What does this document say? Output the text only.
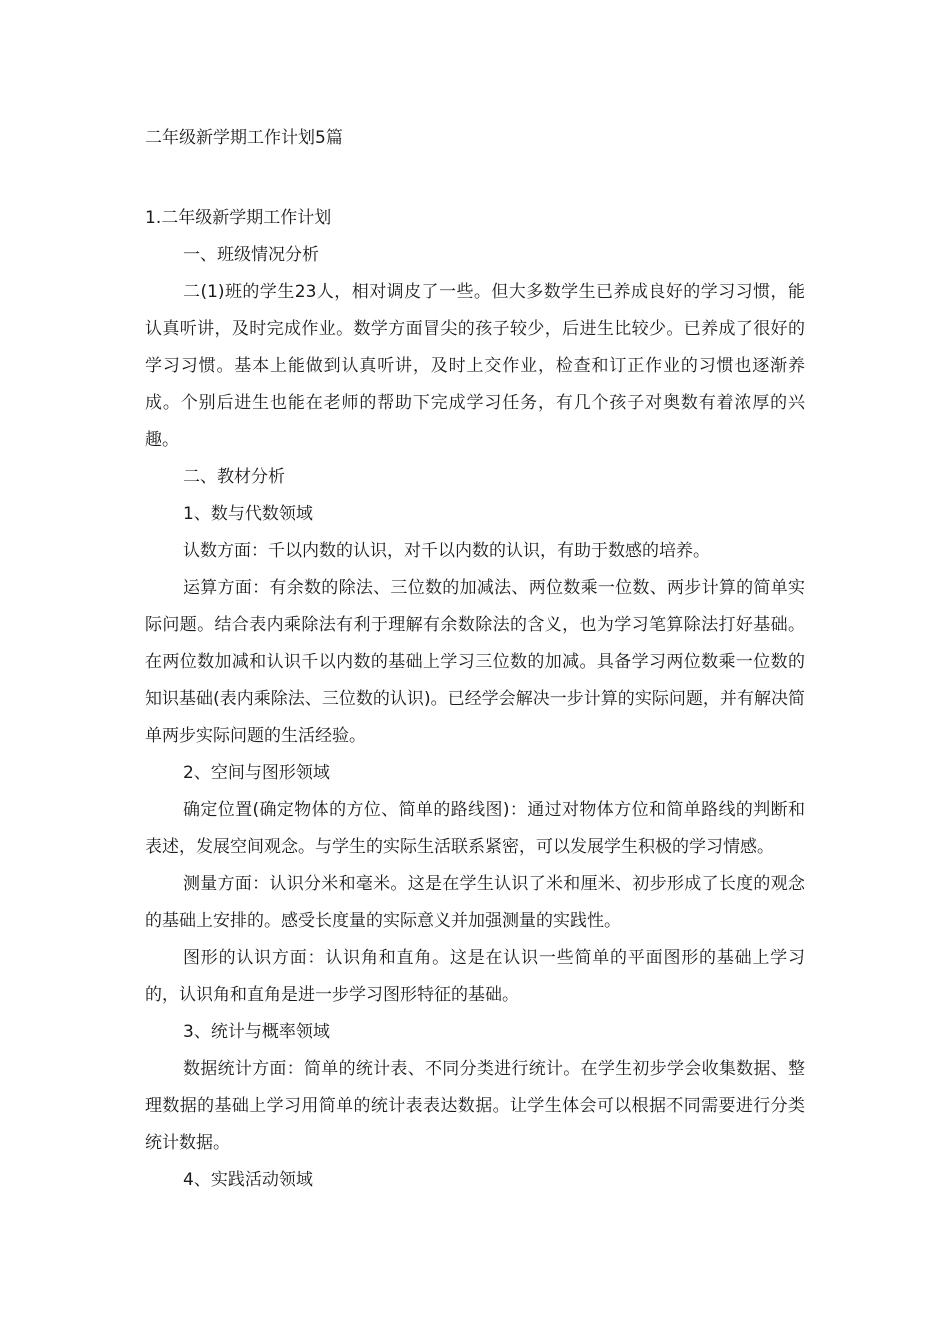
二年级新学期工作计划5篇
1.二年级新学期工作计划

一、班级情况分析

二(1)班的学生23人，相对调皮了一些。但大多数学生已养成良好的学习习惯，能认真听讲，及时完成作业。数学方面冒尖的孩子较少，后进生比较少。已养成了很好的学习习惯。基本上能做到认真听讲，及时上交作业，检查和订正作业的习惯也逐渐养成。个别后进生也能在老师的帮助下完成学习任务，有几个孩子对奥数有着浓厚的兴趣。

二、教材分析

1、数与代数领域

认数方面：千以内数的认识，对千以内数的认识，有助于数感的培养。

运算方面：有余数的除法、三位数的加减法、两位数乘一位数、两步计算的简单实际问题。结合表内乘除法有利于理解有余数除法的含义，也为学习笔算除法打好基础。在两位数加减和认识千以内数的基础上学习三位数的加减。具备学习两位数乘一位数的知识基础(表内乘除法、三位数的认识)。已经学会解决一步计算的实际问题，并有解决简单两步实际问题的生活经验。

2、空间与图形领域

确定位置(确定物体的方位、简单的路线图)：通过对物体方位和简单路线的判断和表述，发展空间观念。与学生的实际生活联系紧密，可以发展学生积极的学习情感。

测量方面：认识分米和毫米。这是在学生认识了米和厘米、初步形成了长度的观念的基础上安排的。感受长度量的实际意义并加强测量的实践性。

图形的认识方面：认识角和直角。这是在认识一些简单的平面图形的基础上学习的，认识角和直角是进一步学习图形特征的基础。

3、统计与概率领域

数据统计方面：简单的统计表、不同分类进行统计。在学生初步学会收集数据、整理数据的基础上学习用简单的统计表表达数据。让学生体会可以根据不同需要进行分类统计数据。

4、实践活动领域
